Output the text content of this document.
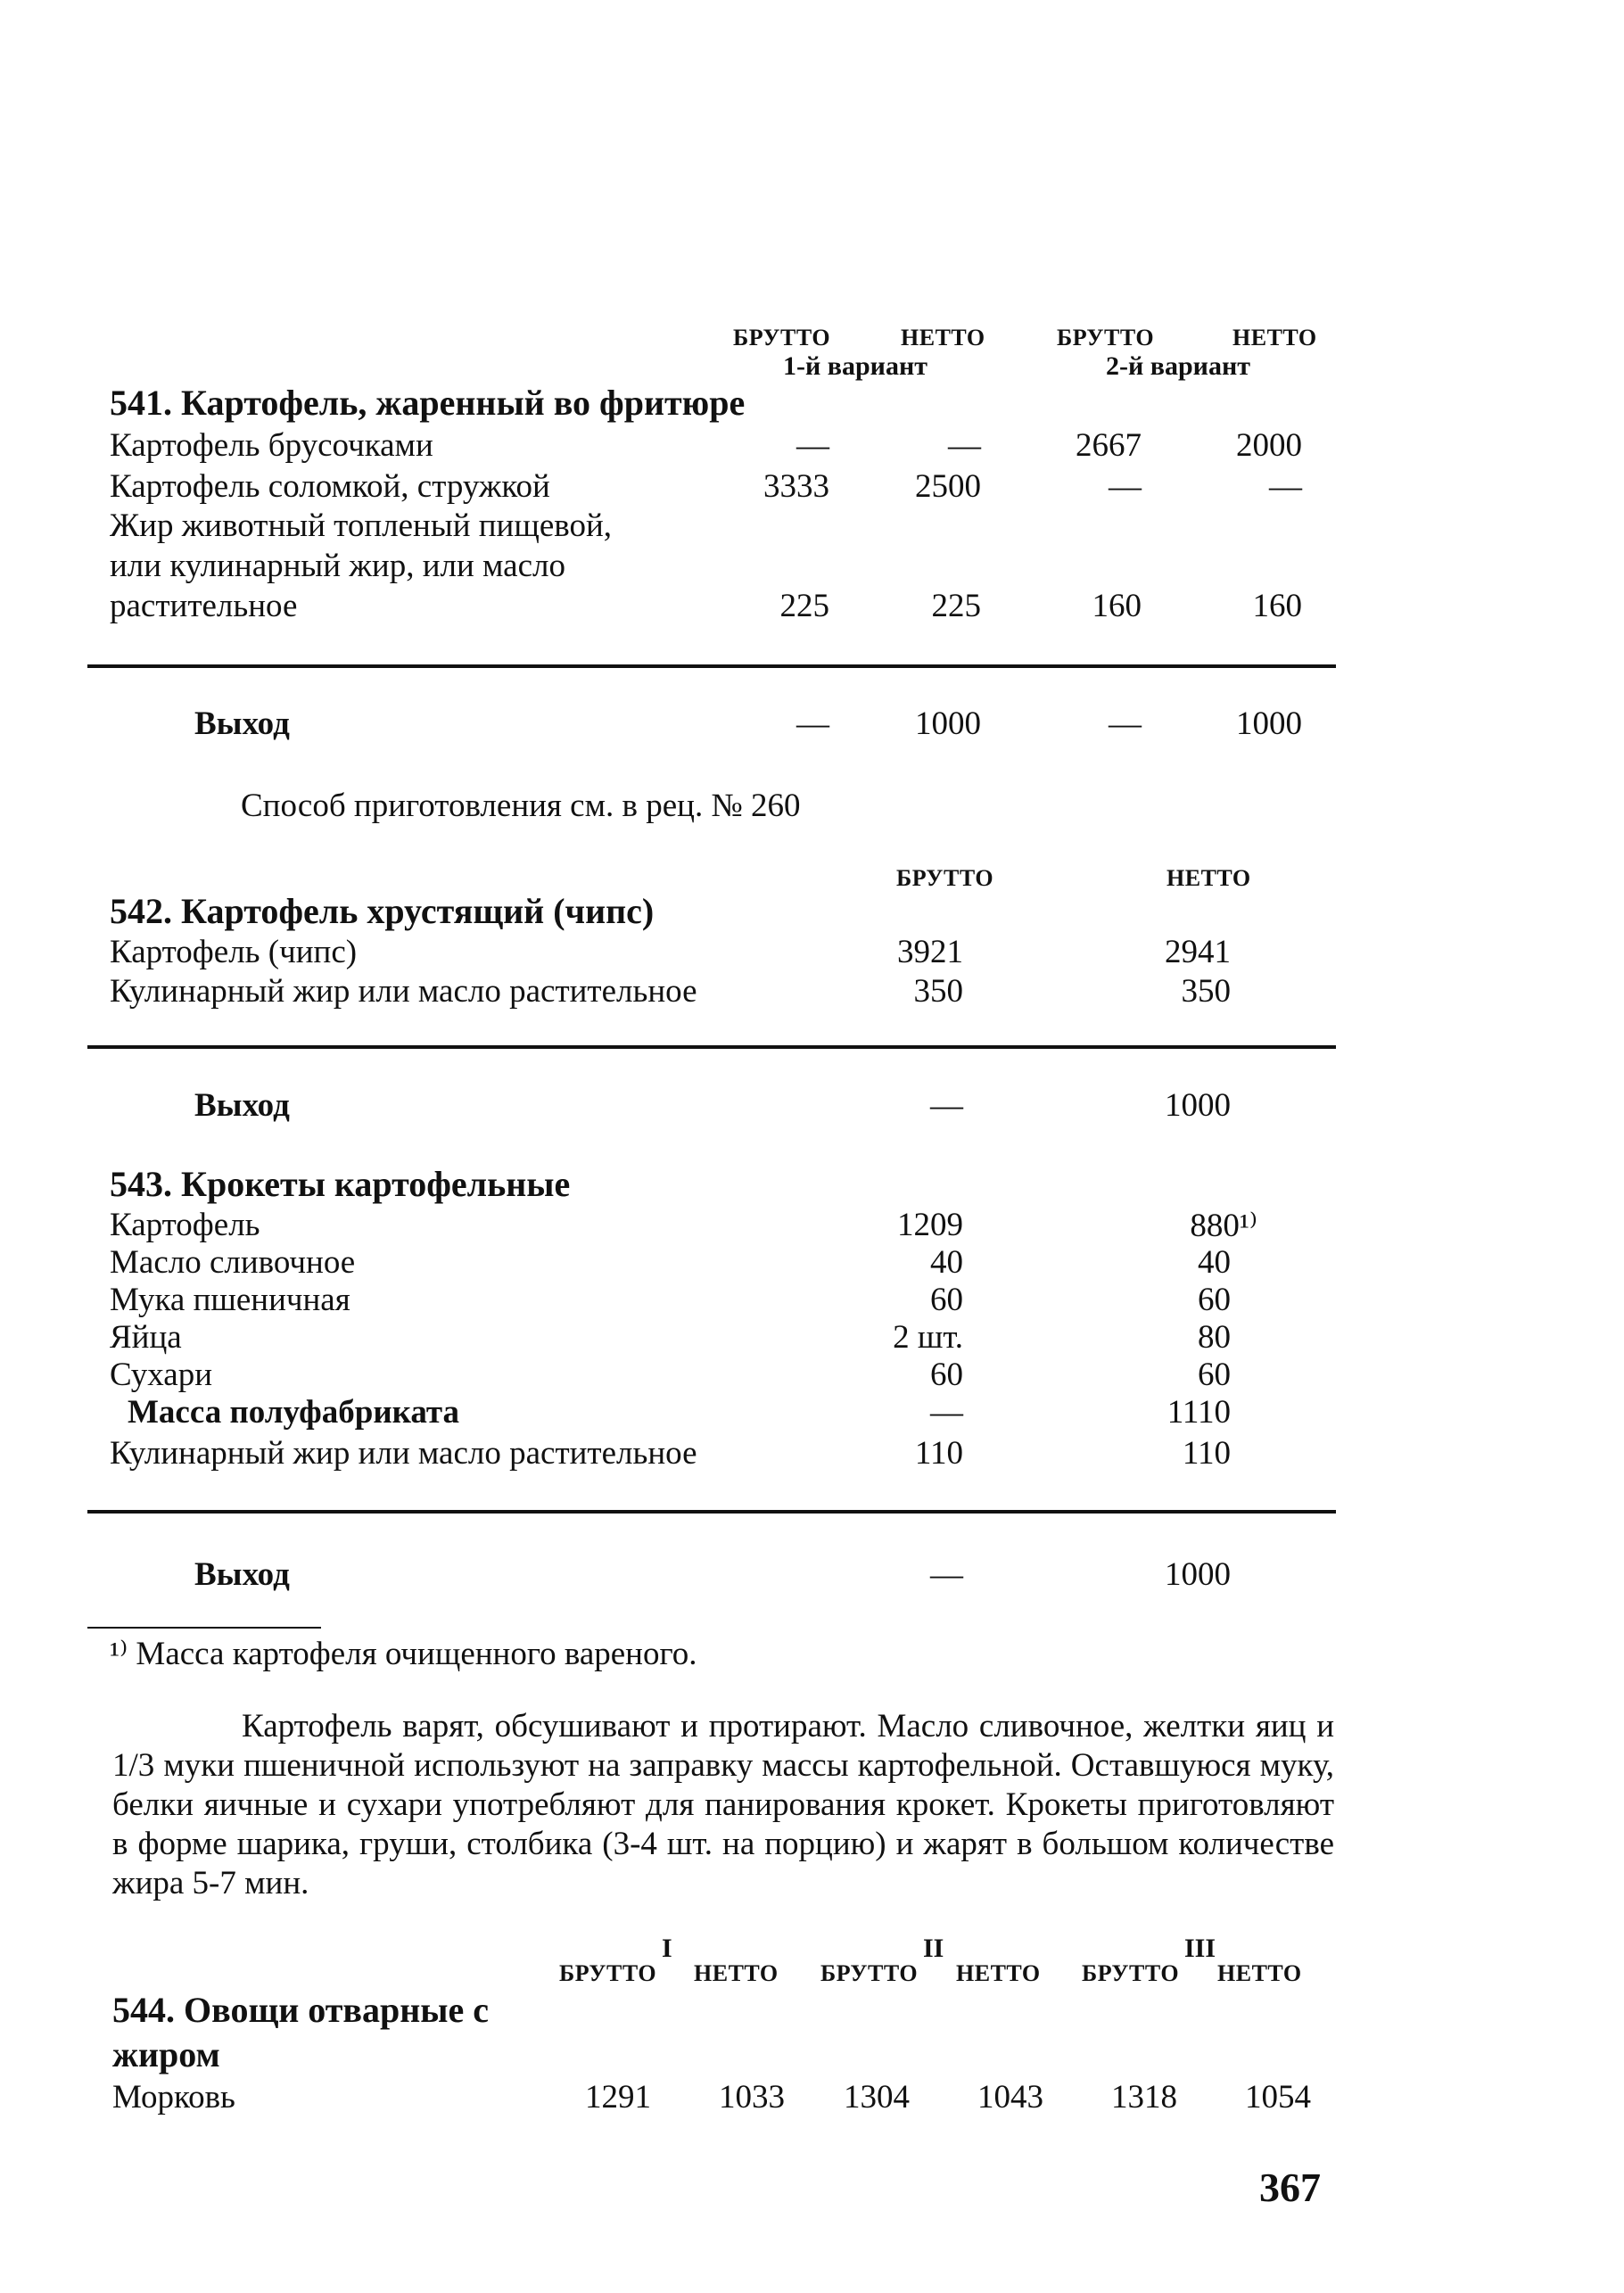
БРУТТО	НЕТТО	БРУТТО	НЕТТО
1-й вариант	2-й вариант
541. Картофель, жаренный во фритюре
Картофель брусочками	—	—	2667	2000
Картофель соломкой, стружкой	3333	2500	—	—
Жир животный топленый пищевой,
или кулинарный жир, или масло
растительное	225	225	160	160
Выход	—	1000	—	1000
Способ приготовления см. в рец. № 260
БРУТТО	НЕТТО
542. Картофель хрустящий (чипс)
Картофель (чипс)	3921	2941
Кулинарный жир или масло растительное	350	350
Выход	—	1000
543. Крокеты картофельные
Картофель	1209	880¹⁾
Масло сливочное	40	40
Мука пшеничная	60	60
Яйца	2 шт.	80
Сухари	60	60
Масса полуфабриката	—	1110
Кулинарный жир или масло растительное	110	110
Выход	—	1000
¹⁾ Масса картофеля очищенного вареного.
Картофель варят, обсушивают и протирают. Масло сливочное, желтки яиц и 1/3 муки пшеничной используют на заправку массы картофельной. Оставшуюся муку, белки яичные и сухари употребляют для панирования крокет. Крокеты приготовляют в форме шарика, груши, столбика (3-4 шт. на порцию) и жарят в большом количестве жира 5-7 мин.
I	II	III
БРУТТО НЕТТО БРУТТО НЕТТО БРУТТО НЕТТО
544. Овощи отварные с
жиром
Морковь	1291	1033	1304	1043	1318	1054
367
